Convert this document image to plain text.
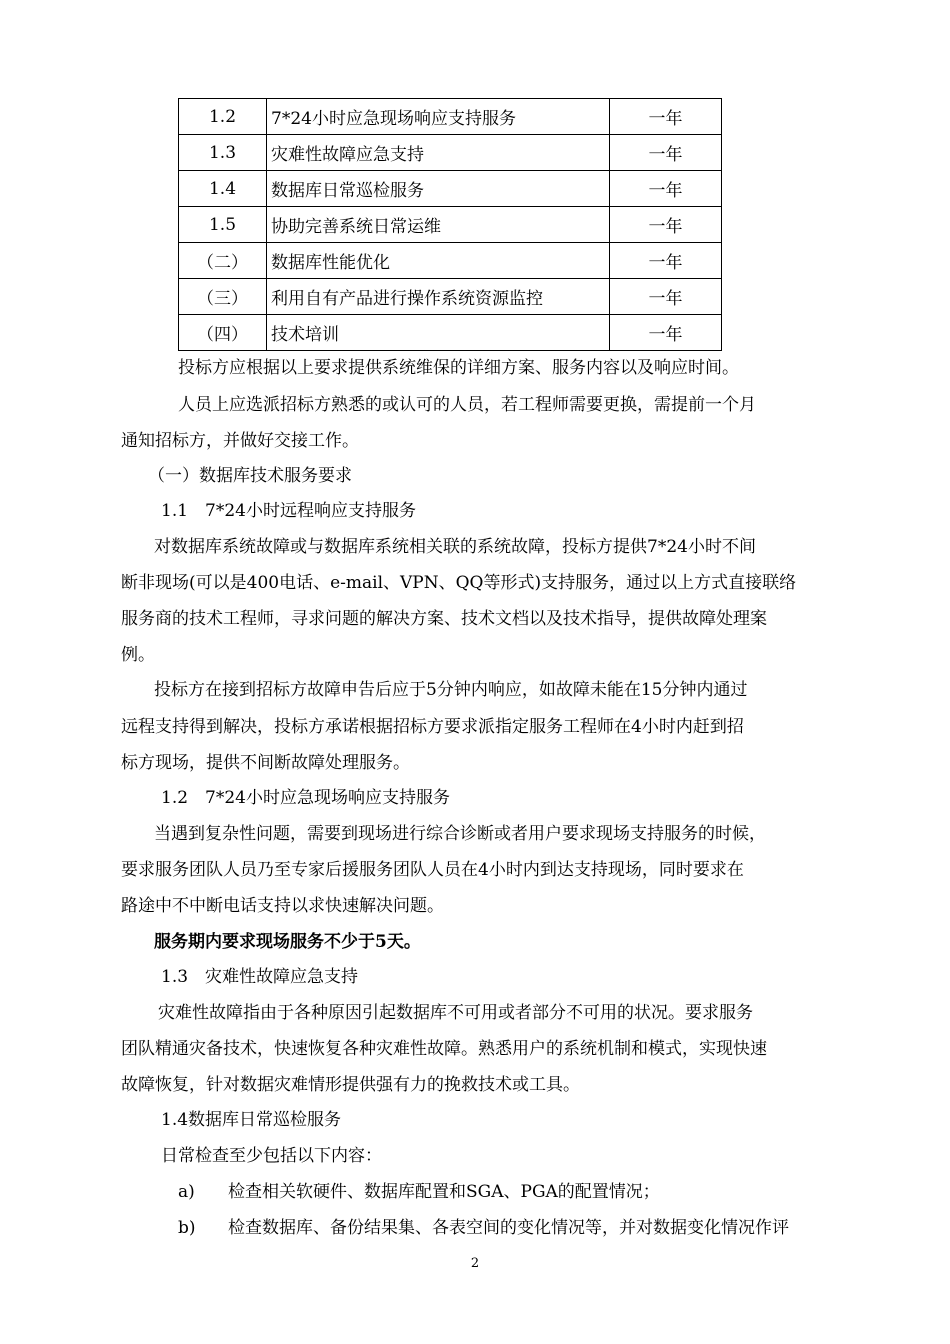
1.2	7*24小时应急现场响应支持服务	一年
1.3	灾难性故障应急支持	一年
1.4	数据库日常巡检服务	一年
1.5	协助完善系统日常运维	一年
（二）	数据库性能优化	一年
（三）	利用自有产品进行操作系统资源监控	一年
（四）	技术培训	一年
投标方应根据以上要求提供系统维保的详细方案、服务内容以及响应时间。
人员上应选派招标方熟悉的或认可的人员，若工程师需要更换，需提前一个月
通知招标方，并做好交接工作。
（一）数据库技术服务要求
1.1　7*24小时远程响应支持服务
对数据库系统故障或与数据库系统相关联的系统故障，投标方提供7*24小时不间
断非现场(可以是400电话、e-mail、VPN、QQ等形式)支持服务，通过以上方式直接联络
服务商的技术工程师，寻求问题的解决方案、技术文档以及技术指导，提供故障处理案
例。
投标方在接到招标方故障申告后应于5分钟内响应，如故障未能在15分钟内通过
远程支持得到解决，投标方承诺根据招标方要求派指定服务工程师在4小时内赶到招
标方现场，提供不间断故障处理服务。
1.2　7*24小时应急现场响应支持服务
当遇到复杂性问题，需要到现场进行综合诊断或者用户要求现场支持服务的时候，
要求服务团队人员乃至专家后援服务团队人员在4小时内到达支持现场，同时要求在
路途中不中断电话支持以求快速解决问题。
服务期内要求现场服务不少于5天。
1.3　灾难性故障应急支持
灾难性故障指由于各种原因引起数据库不可用或者部分不可用的状况。要求服务
团队精通灾备技术，快速恢复各种灾难性故障。熟悉用户的系统机制和模式，实现快速
故障恢复，针对数据灾难情形提供强有力的挽救技术或工具。
1.4数据库日常巡检服务
日常检查至少包括以下内容：
a) 检查相关软硬件、数据库配置和SGA、PGA的配置情况；
b) 检查数据库、备份结果集、各表空间的变化情况等，并对数据变化情况作评
2
